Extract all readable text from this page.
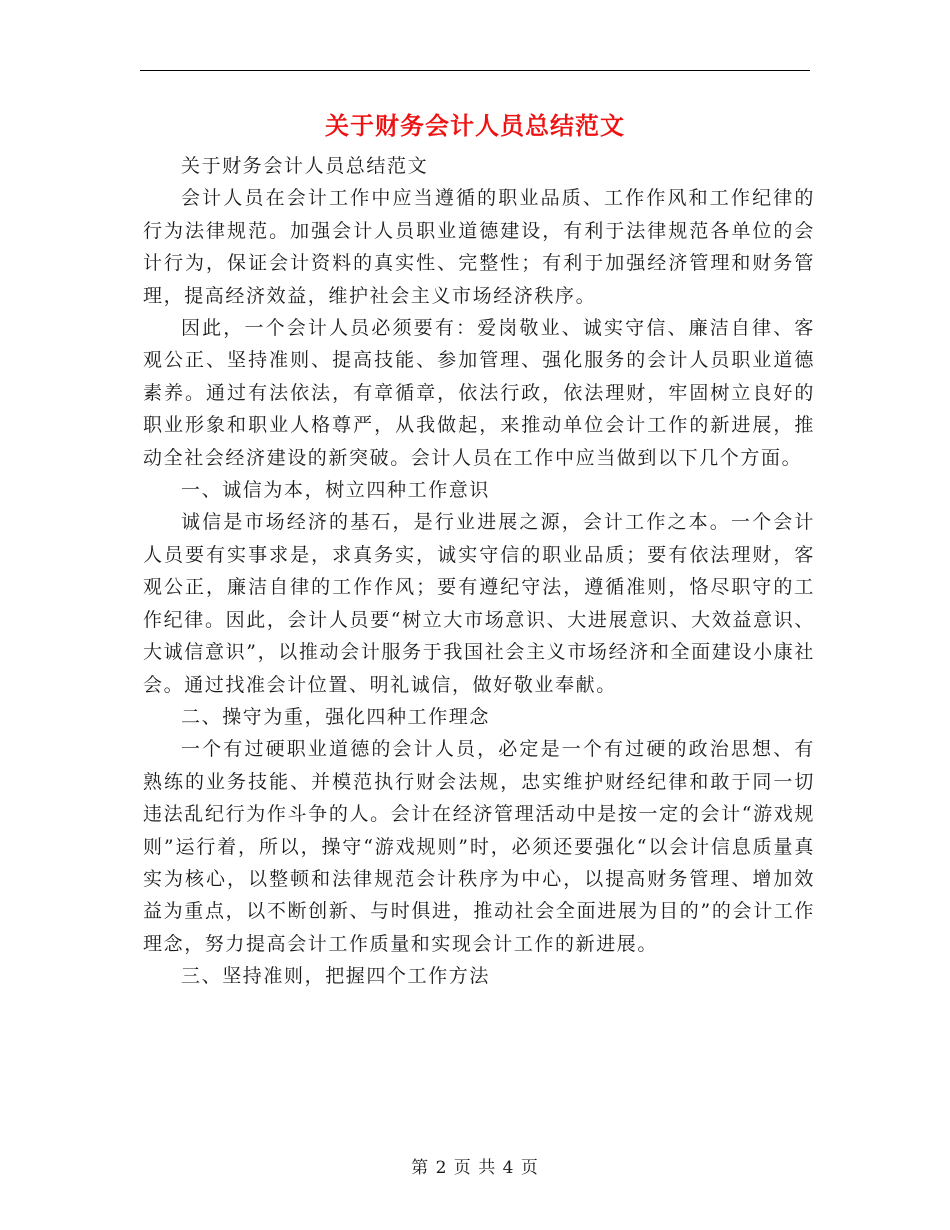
关于财务会计人员总结范文

关于财务会计人员总结范文

会计人员在会计工作中应当遵循的职业品质、工作作风和工作纪律的行为法律规范。加强会计人员职业道德建设，有利于法律规范各单位的会计行为，保证会计资料的真实性、完整性；有利于加强经济管理和财务管理，提高经济效益，维护社会主义市场经济秩序。

因此，一个会计人员必须要有：爱岗敬业、诚实守信、廉洁自律、客观公正、坚持准则、提高技能、参加管理、强化服务的会计人员职业道德素养。通过有法依法，有章循章，依法行政，依法理财，牢固树立良好的职业形象和职业人格尊严，从我做起，来推动单位会计工作的新进展，推动全社会经济建设的新突破。会计人员在工作中应当做到以下几个方面。

一、诚信为本，树立四种工作意识

诚信是市场经济的基石，是行业进展之源，会计工作之本。一个会计人员要有实事求是，求真务实，诚实守信的职业品质；要有依法理财，客观公正，廉洁自律的工作作风；要有遵纪守法，遵循准则，恪尽职守的工作纪律。因此，会计人员要“树立大市场意识、大进展意识、大效益意识、大诚信意识”，以推动会计服务于我国社会主义市场经济和全面建设小康社会。通过找准会计位置、明礼诚信，做好敬业奉献。

二、操守为重，强化四种工作理念

一个有过硬职业道德的会计人员，必定是一个有过硬的政治思想、有熟练的业务技能、并模范执行财会法规，忠实维护财经纪律和敢于同一切违法乱纪行为作斗争的人。会计在经济管理活动中是按一定的会计“游戏规则”运行着，所以，操守“游戏规则”时，必须还要强化“以会计信息质量真实为核心，以整顿和法律规范会计秩序为中心，以提高财务管理、增加效益为重点，以不断创新、与时俱进，推动社会全面进展为目的”的会计工作理念，努力提高会计工作质量和实现会计工作的新进展。

三、坚持准则，把握四个工作方法

第 2 页 共 4 页
